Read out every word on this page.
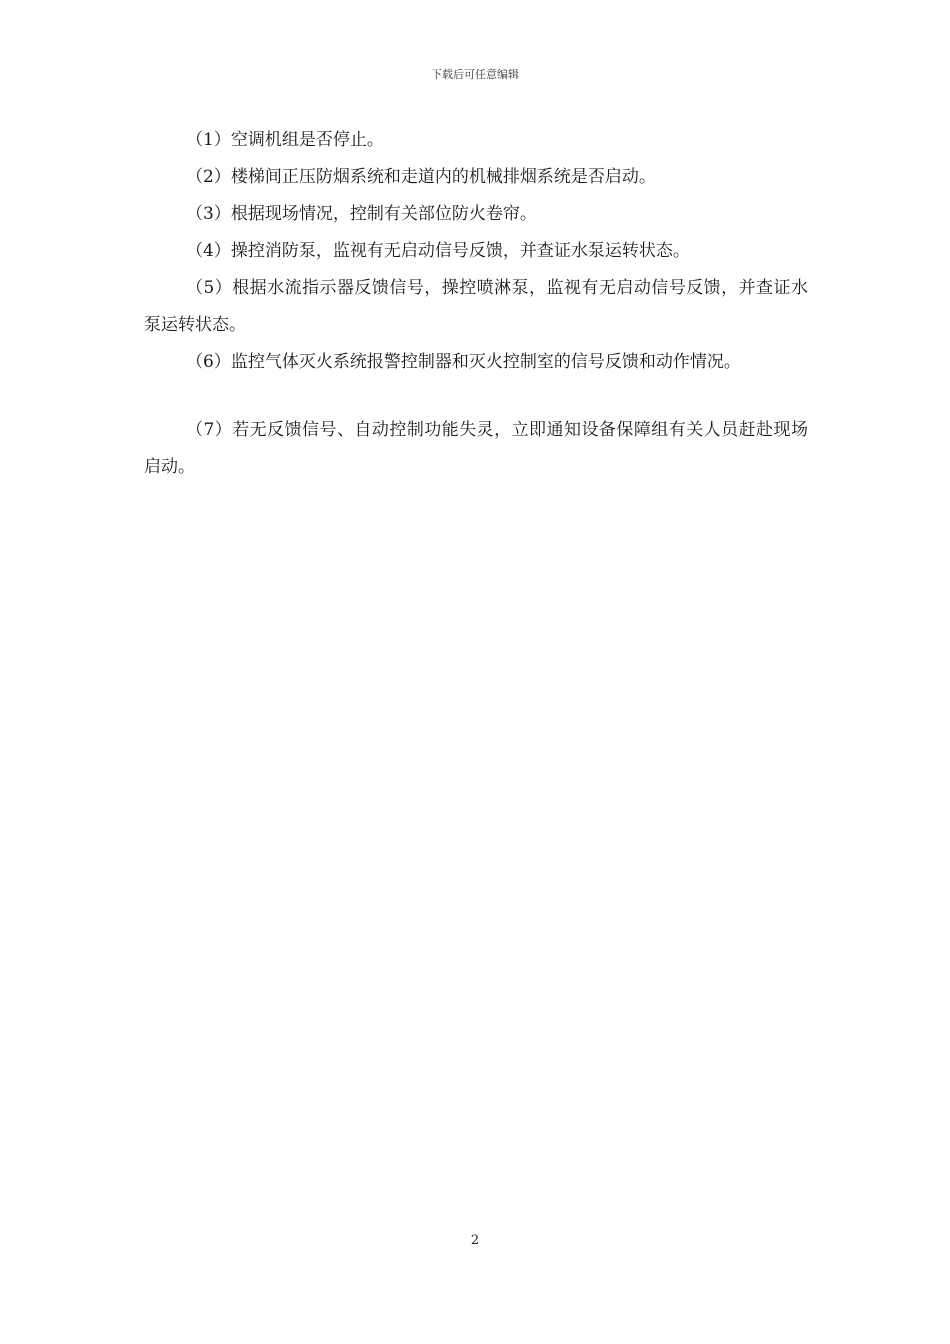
下载后可任意编辑

（1）空调机组是否停止。

（2）楼梯间正压防烟系统和走道内的机械排烟系统是否启动。

（3）根据现场情况，控制有关部位防火卷帘。

（4）操控消防泵，监视有无启动信号反馈，并查证水泵运转状态。

（5）根据水流指示器反馈信号，操控喷淋泵，监视有无启动信号反馈，并查证水泵运转状态。

（6）监控气体灭火系统报警控制器和灭火控制室的信号反馈和动作情况。

（7）若无反馈信号、自动控制功能失灵，立即通知设备保障组有关人员赶赴现场启动。

2
